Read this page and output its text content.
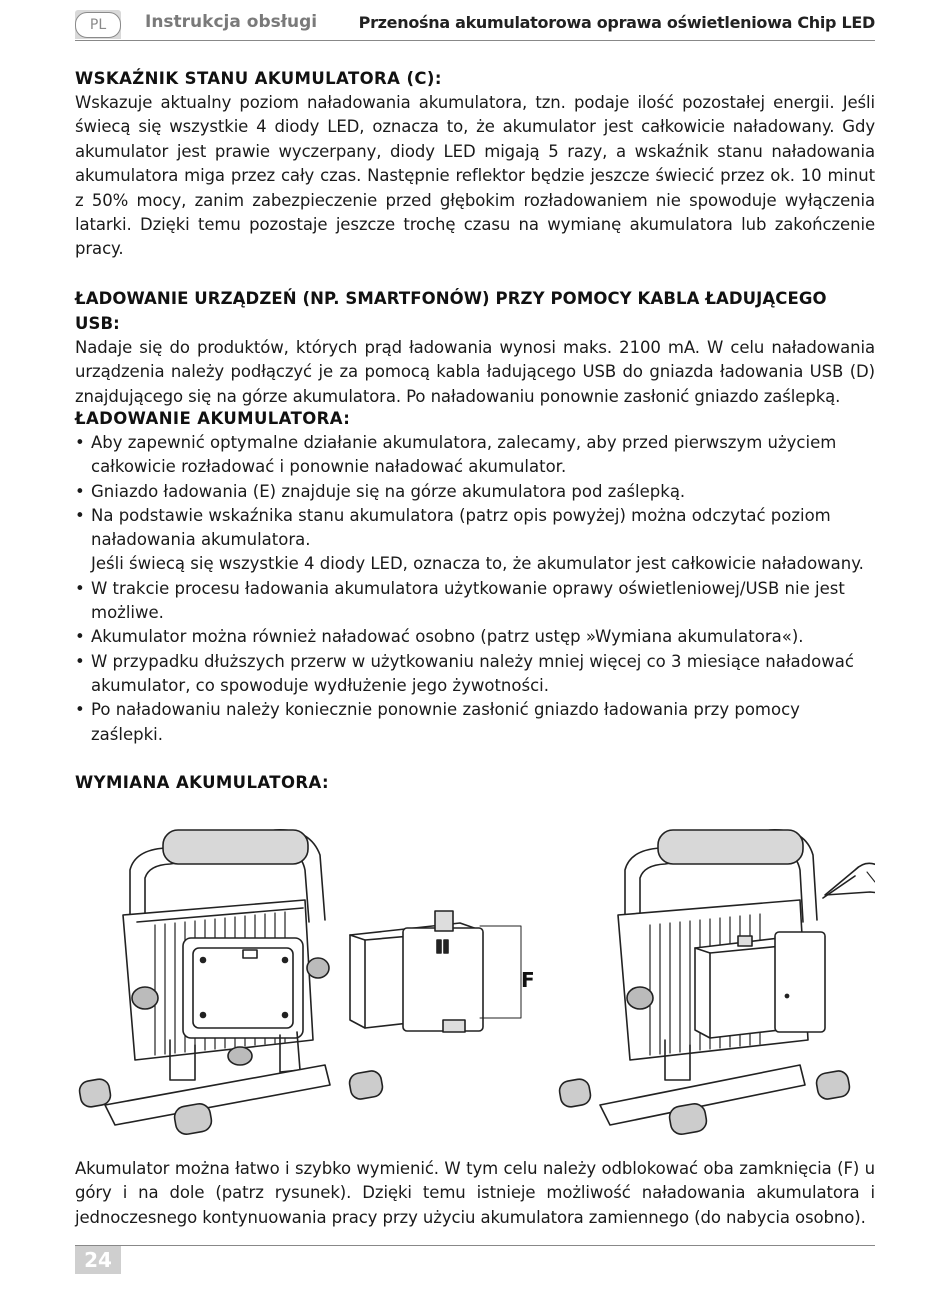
PL	Instrukcja obsługi	Przenośna akumulatorowa oprawa oświetleniowa Chip LED
WSKAŹNIK STANU AKUMULATORA (C):

Wskazuje aktualny poziom naładowania akumulatora, tzn. podaje ilość pozostałej energii. Jeśli świecą się wszystkie 4 diody LED, oznacza to, że akumulator jest całkowicie naładowany. Gdy akumulator jest prawie wyczerpany, diody LED migają 5 razy, a wskaźnik stanu naładowania akumulatora miga przez cały czas. Następnie reflektor będzie jeszcze świecić przez ok. 10 minut z 50% mocy, zanim zabezpieczenie przed głębokim rozładowaniem nie spowoduje wyłączenia latarki. Dzięki temu pozostaje jeszcze trochę czasu na wymianę akumulatora lub zakończenie pracy.

ŁADOWANIE URZĄDZEŃ (NP. SMARTFONÓW) PRZY POMOCY KABLA ŁADUJĄCEGO USB:

Nadaje się do produktów, których prąd ładowania wynosi maks. 2100 mA. W celu naładowania urządzenia należy podłączyć je za pomocą kabla ładującego USB do gniazda ładowania USB (D) znajdującego się na górze akumulatora. Po naładowaniu ponownie zasłonić gniazdo zaślepką.

ŁADOWANIE AKUMULATORA:
• Aby zapewnić optymalne działanie akumulatora, zalecamy, aby przed pierwszym użyciem całkowicie rozładować i ponownie naładować akumulator.
• Gniazdo ładowania (E) znajduje się na górze akumulatora pod zaślepką.
• Na podstawie wskaźnika stanu akumulatora (patrz opis powyżej) można odczytać poziom naładowania akumulatora.
Jeśli świecą się wszystkie 4 diody LED, oznacza to, że akumulator jest całkowicie naładowany.
• W trakcie procesu ładowania akumulatora użytkowanie oprawy oświetleniowej/USB nie jest możliwe.
• Akumulator można również naładować osobno (patrz ustęp »Wymiana akumulatora«).
• W przypadku dłuższych przerw w użytkowaniu należy mniej więcej co 3 miesiące naładować akumulator, co spowoduje wydłużenie jego żywotności.
• Po naładowaniu należy koniecznie ponownie zasłonić gniazdo ładowania przy pomocy zaślepki.
WYMIANA AKUMULATORA:
F

Akumulator można łatwo i szybko wymienić. W tym celu należy odblokować oba zamknięcia (F) u góry i na dole (patrz rysunek). Dzięki temu istnieje możliwość naładowania akumulatora i jednoczesnego kontynuowania pracy przy użyciu akumulatora zamiennego (do nabycia osobno).

24
